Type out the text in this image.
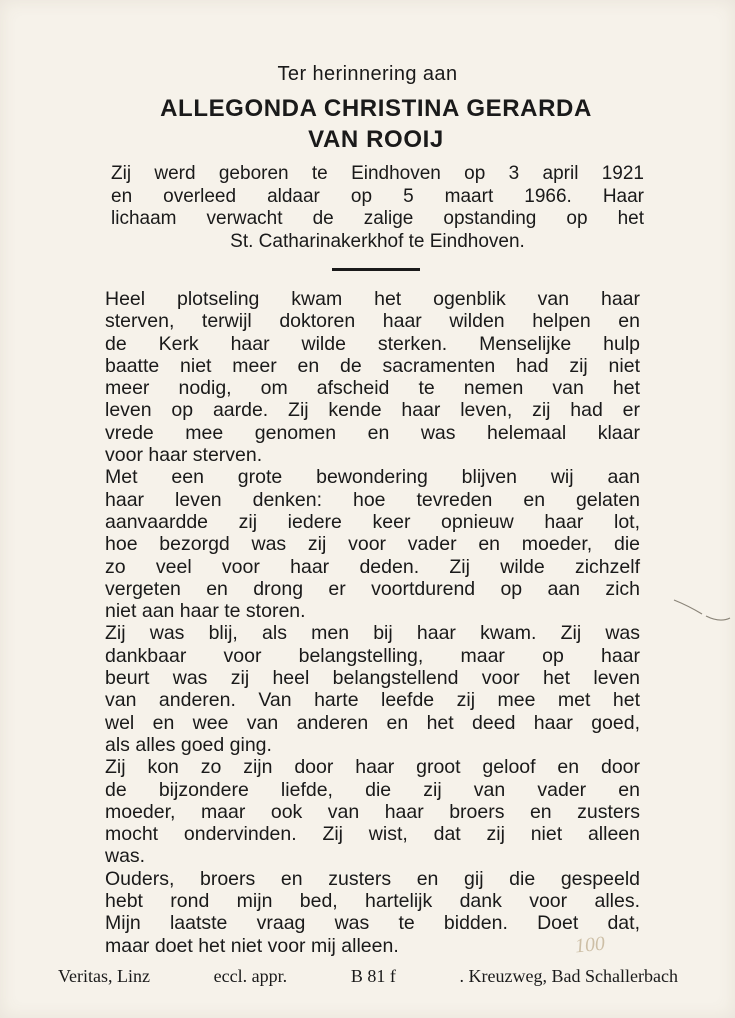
Ter herinnering aan
ALLEGONDA CHRISTINA GERARDA
VAN ROOIJ
Zij werd geboren te Eindhoven op 3 april 1921
en overleed aldaar op 5 maart 1966. Haar
lichaam verwacht de zalige opstanding op het
St. Catharinakerkhof te Eindhoven.
Heel plotseling kwam het ogenblik van haar
sterven, terwijl doktoren haar wilden helpen en
de Kerk haar wilde sterken. Menselijke hulp
baatte niet meer en de sacramenten had zij niet
meer nodig, om afscheid te nemen van het
leven op aarde. Zij kende haar leven, zij had er
vrede mee genomen en was helemaal klaar
voor haar sterven.
Met een grote bewondering blijven wij aan
haar leven denken: hoe tevreden en gelaten
aanvaardde zij iedere keer opnieuw haar lot,
hoe bezorgd was zij voor vader en moeder, die
zo veel voor haar deden. Zij wilde zichzelf
vergeten en drong er voortdurend op aan zich
niet aan haar te storen.
Zij was blij, als men bij haar kwam. Zij was
dankbaar voor belangstelling, maar op haar
beurt was zij heel belangstellend voor het leven
van anderen. Van harte leefde zij mee met het
wel en wee van anderen en het deed haar goed,
als alles goed ging.
Zij kon zo zijn door haar groot geloof en door
de bijzondere liefde, die zij van vader en
moeder, maar ook van haar broers en zusters
mocht ondervinden. Zij wist, dat zij niet alleen
was.
Ouders, broers en zusters en gij die gespeeld
hebt rond mijn bed, hartelijk dank voor alles.
Mijn laatste vraag was te bidden. Doet dat,
maar doet het niet voor mij alleen.	100
Veritas, Linz	eccl. appr.	B 81 f	. Kreuzweg, Bad Schallerbach
